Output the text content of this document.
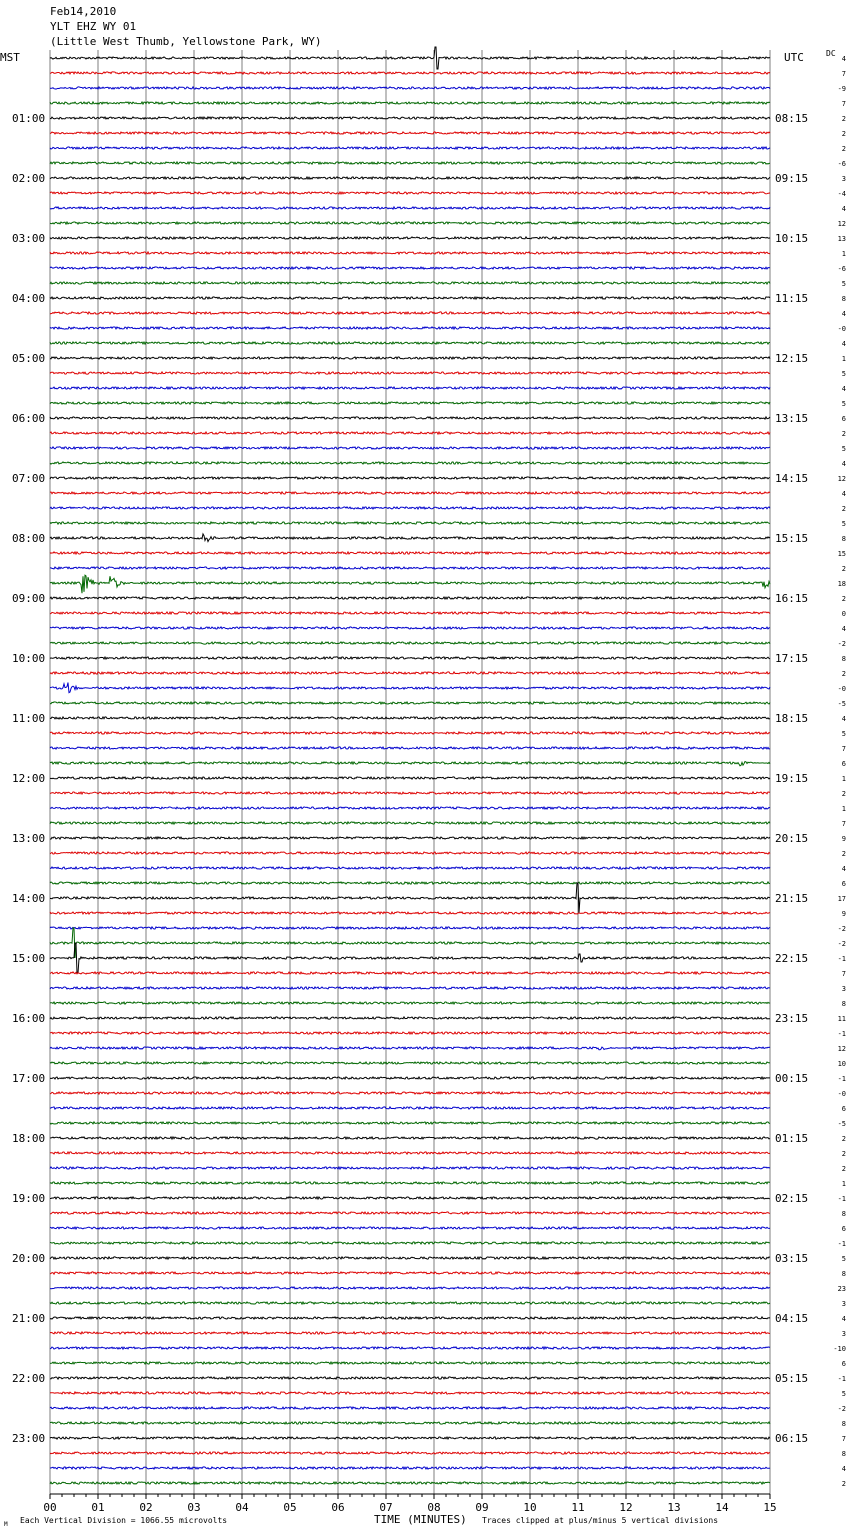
Feb14,2010
YLT EHZ WY 01
(Little West Thumb, Yellowstone Park, WY)
MST	UTC	DC
01:00
02:00
03:00
04:00
05:00
06:00
07:00
08:00
09:00
10:00
11:00
12:00
13:00
14:00
15:00
16:00
17:00
18:00
19:00
20:00
21:00
22:00
23:00
08:15
09:15
10:15
11:15
12:15
13:15
14:15
15:15
16:15
17:15
18:15
19:15
20:15
21:15
22:15
23:15
00:15
01:15
02:15
03:15
04:15
05:15
06:15
4
7
-9
7
2
2
2
-6
3
-4
4
12
13
1
-6
5
8
4
-0
4
1
5
4
5
6
2
5
4
12
4
2
5
8
15
2
18
2
0
4
-2
8
2
-0
-5
4
5
7
6
1
2
1
7
9
2
4
6
17
9
-2
-2
-1
7
3
8
11
-1
12
10
-1
-0
6
-5
2
2
2
1
-1
8
6
-1
5
8
23
3
4
3
-10
6
-1
5
-2
8
7
8
4
2
00	01	02	03	04	05	06	07	08	09	10	11	12	13	14	15
M Each Vertical Division = 1066.55 microvolts	TIME (MINUTES) Traces clipped at plus/minus 5 vertical divisions
